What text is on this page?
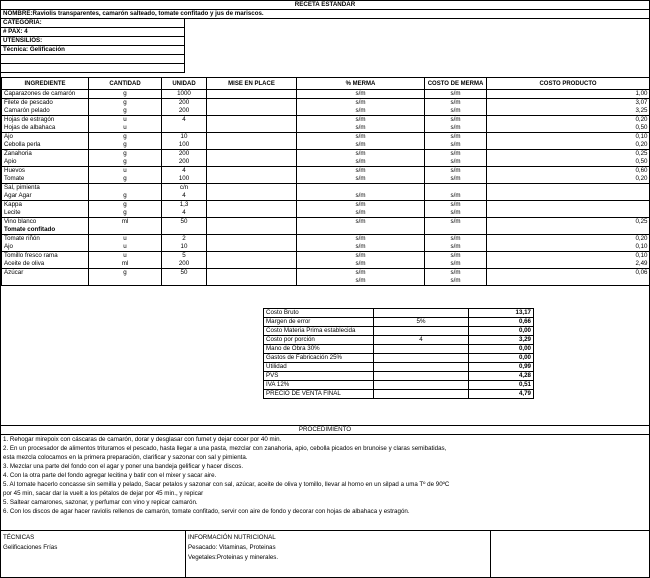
RECETA ESTANDAR
NOMBRE:Raviolis transparentes, camarón salteado, tomate confitado y jus de mariscos.
CATEGORIA:
# PAX: 4
UTENSILIOS:
Técnica: Gelificación
INGREDIENTE	CANTIDAD	UNIDAD	MISE EN PLACE	% MERMA	COSTO DE MERMA	COSTO PRODUCTO
Caparazones de camarón	g	1000		s/m	s/m	1,00
Filete de pescado	g	200		s/m	s/m	3,07
Camarón pelado	g	200		s/m	s/m	3,25
Hojas de estragón	u	4		s/m	s/m	0,20
Hojas de albahaca	u			s/m	s/m	0,50
Ajo	g	10		s/m	s/m	0,10
Cebolla perla	g	100		s/m	s/m	0,20
Zanahoria	g	200		s/m	s/m	0,25
Apio	g	200		s/m	s/m	0,50
Huevos	u	4		s/m	s/m	0,60
Tomate	g	100		s/m	s/m	0,20
Sal, pimienta		c/n				
Agar Agar	g	4		s/m	s/m	
Kappa	g	1,3		s/m	s/m	
Lecite	g	4		s/m	s/m	
Vino blanco	ml	50		s/m	s/m	0,25
Tomate confitado						
Tomate riñón	u	2		s/m	s/m	0,20
Ajo	u	10		s/m	s/m	0,10
Tomillo fresco rama	u	5		s/m	s/m	0,10
Aceite de oliva	ml	200		s/m	s/m	2,49
Azúcar	g	50		s/m	s/m	0,06
				s/m	s/m	
Costo Bruto		13,17
Margen de error	5%	0,66
Costo Materia Prima establecida		0,00
Costo por porción	4	3,29
Mano de Obra 30%		0,00
Gastos de Fabricación 25%		0,00
Utilidad		0,99
PVS		4,28
IVA 12%		0,51
PRECIO DE VENTA FINAL		4,79
PROCEDIMIENTO

1. Rehogar mirepoix con cáscaras de camarón, dorar y desglasar con fumet y dejar cocer por 40 min.

2. En un procesador de alimentos trituramos el pescado, hasta llegar a una pasta, mezclar con zanahoria, apio, cebolla picados en brunoise y claras semibatidas,

esta mezcla colocamos en la primera preparación, clarificar y sazonar con sal y pimienta.

3. Mezclar una parte del fondo con el agar y poner una bandeja gelificar y hacer discos.

4. Con la otra parte del fondo agregar lecitina y batir con el mixer y sacar aire.

5. Al tomate hacerlo concasse sin semilla y pelado, Sacar petalos y sazonar con sal, azúcar, aceite de oliva y tomillo, llevar al horno en un silpad a uma Tº de 90ºC

por 45 min, sacar dar la vuelt a los pétalos de dejar por 45 min., y repicar

5. Saltear camarones, sazonar, y perfumar con vino y repicar camarón.

6. Con los discos de agar hacer raviolis rellenos de camarón, tomate confitado, servir con aire de fondo y decorar con hojas de albahaca y estragón.

TÉCNICAS

Gelificaciones Frías

INFORMACIÓN NUTRICIONAL

Pesacado: Vitaminas, Proteinas

Vegetales:Proteinas y minerales.
